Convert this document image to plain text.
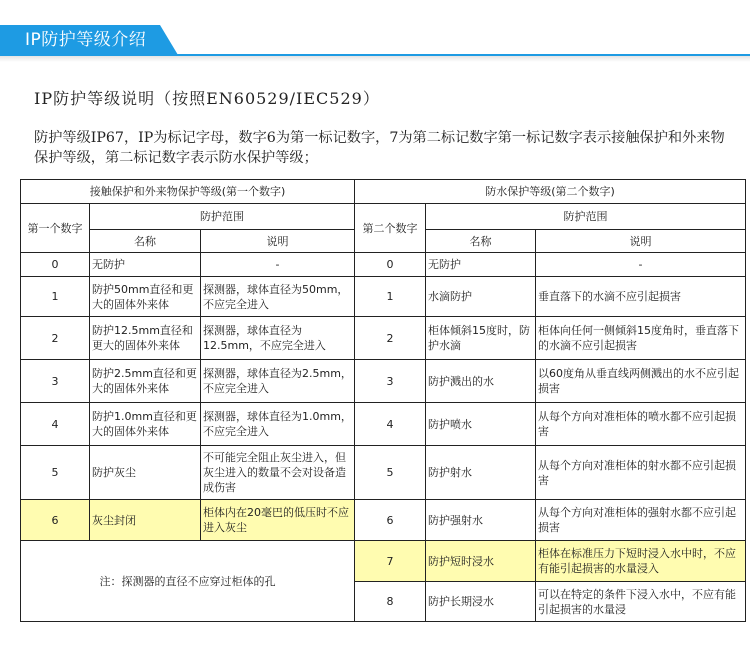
IP防护等级介绍
IP防护等级说明（按照EN60529/IEC529）
防护等级IP67，IP为标记字母，数字6为第一标记数字，7为第二标记数字第一标记数字表示接触保护和外来物保护等级，第二标记数字表示防水保护等级；
接触保护和外来物保护等级(第一个数字)			防水保护等级(第二个数字)		
第一个数字	防护范围		第二个数字	防护范围	
	名称	说明		名称	说明
0	无防护	-	0	无防护	-
1	防护50mm直径和更大的固体外来体	探测器，球体直径为50mm，不应完全进入	1	水滴防护	垂直落下的水滴不应引起损害
2	防护12.5mm直径和更大的固体外来体	探测器，球体直径为12.5mm，不应完全进入	2	柜体倾斜15度时，防护水滴	柜体向任何一侧倾斜15度角时，垂直落下的水滴不应引起损害
3	防护2.5mm直径和更大的固体外来体	探测器，球体直径为2.5mm，不应完全进入	3	防护溅出的水	以60度角从垂直线两侧溅出的水不应引起损害
4	防护1.0mm直径和更大的固体外来体	探测器，球体直径为1.0mm，不应完全进入	4	防护喷水	从每个方向对准柜体的喷水都不应引起损害
5	防护灰尘	不可能完全阻止灰尘进入，但灰尘进入的数量不会对设备造成伤害	5	防护射水	从每个方向对准柜体的射水都不应引起损害
6	灰尘封闭	柜体内在20毫巴的低压时不应进入灰尘	6	防护强射水	从每个方向对准柜体的强射水都不应引起损害
注：探测器的直径不应穿过柜体的孔			7	防护短时浸水	柜体在标准压力下短时浸入水中时，不应有能引起损害的水量浸入
			8	防护长期浸水	可以在特定的条件下浸入水中，不应有能引起损害的水量浸
